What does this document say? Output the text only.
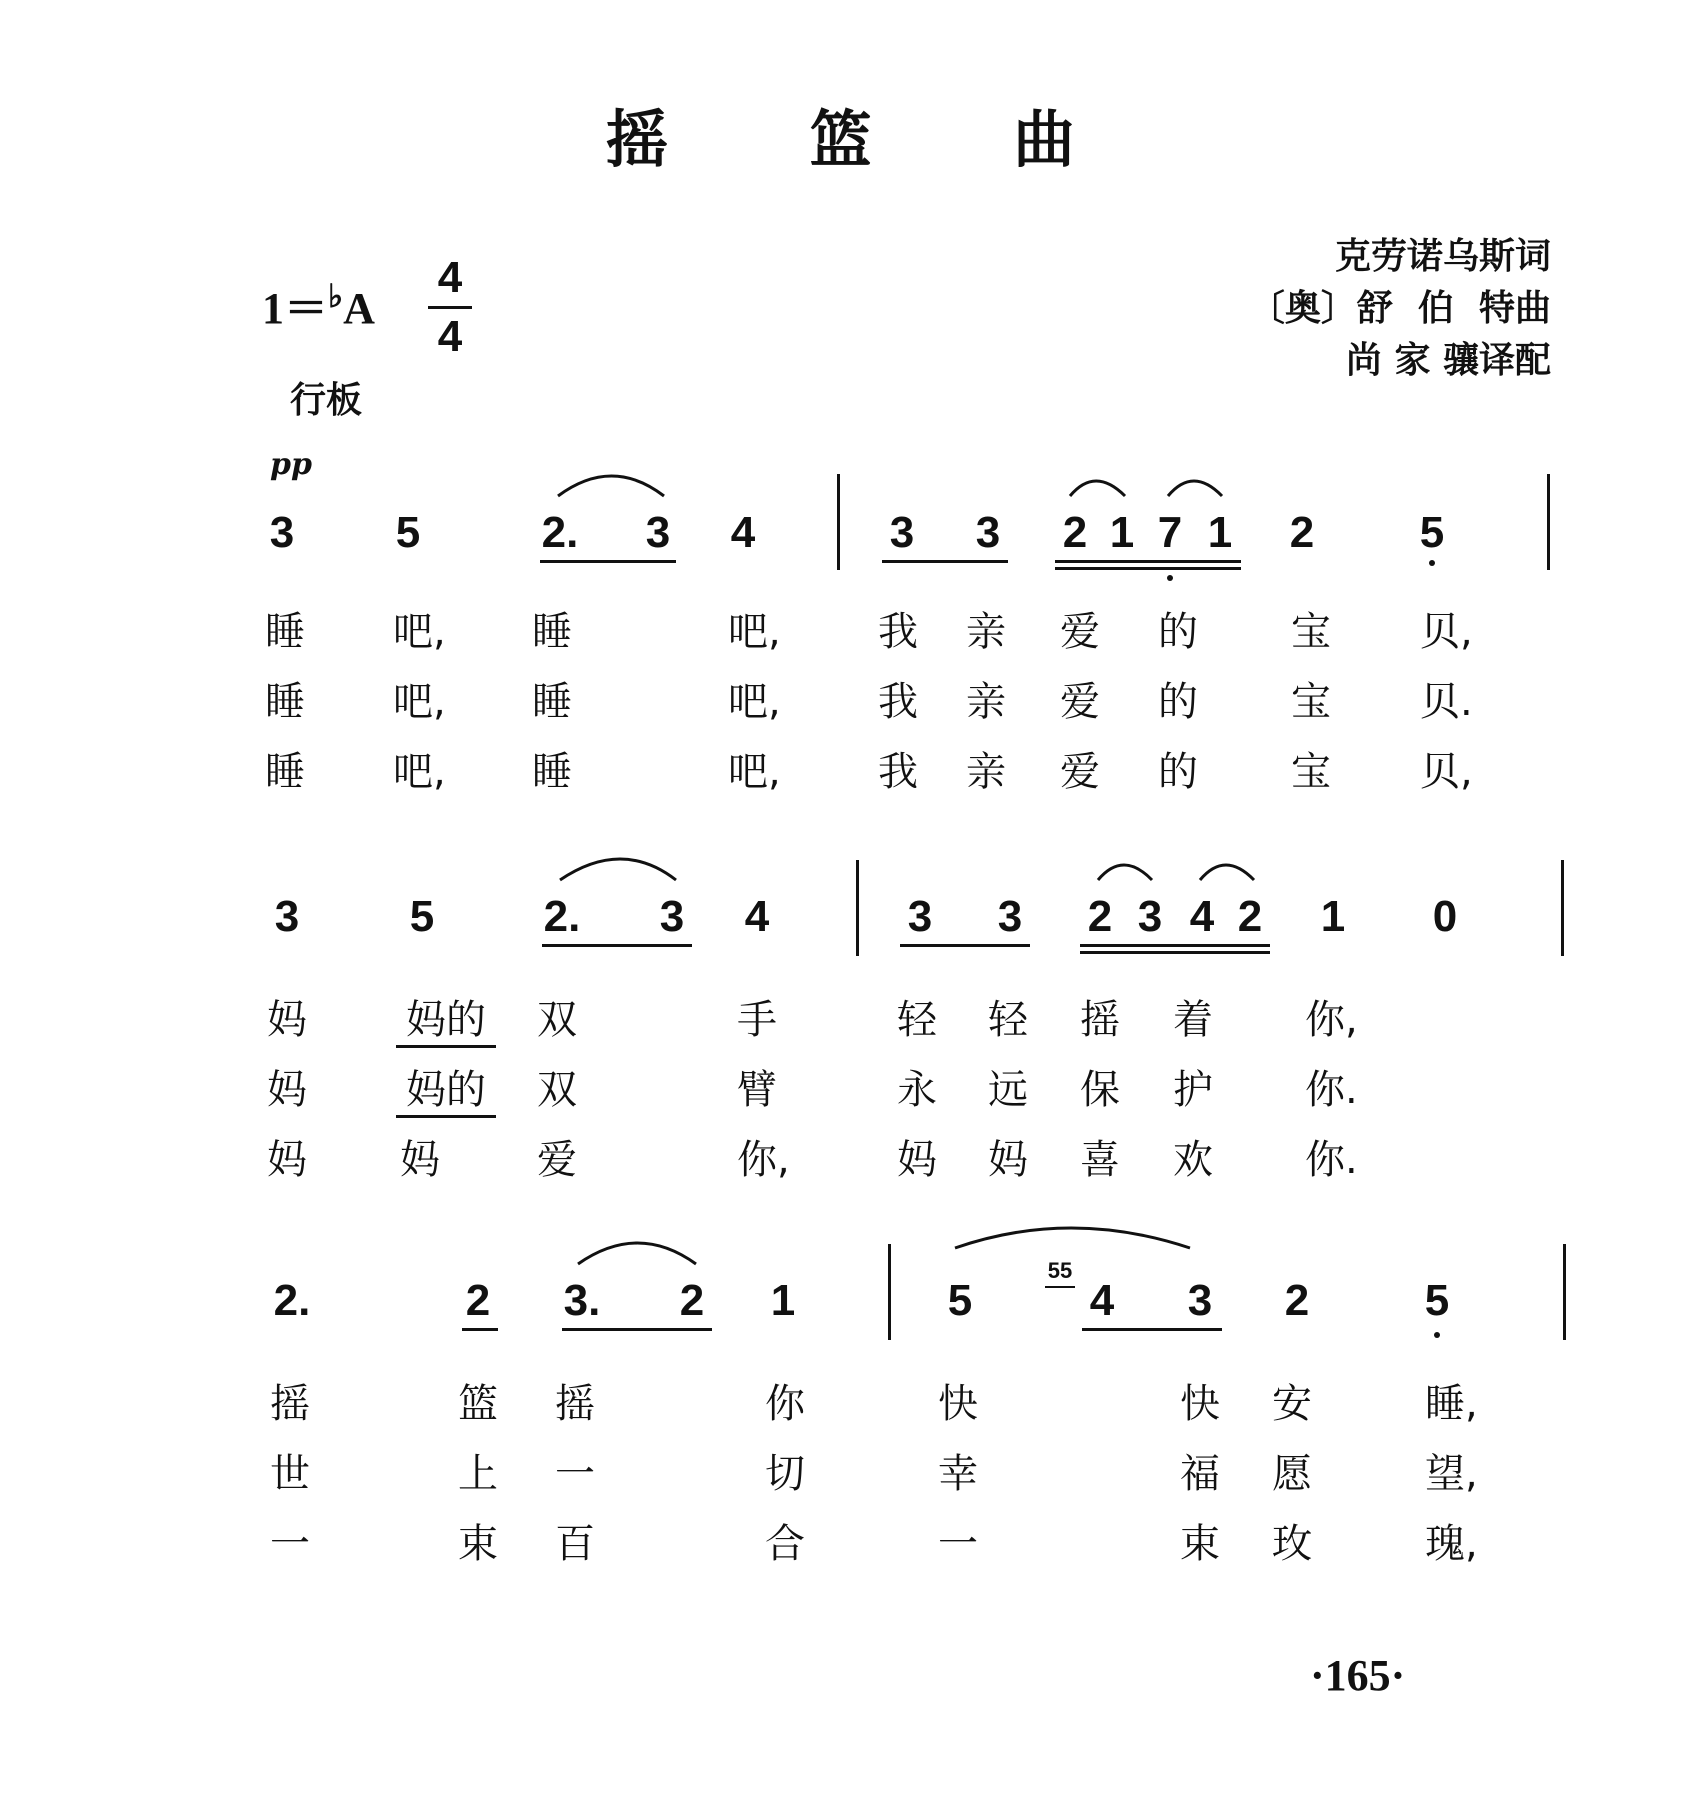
摇 篮 曲
克劳诺乌斯词
〔奥〕舒  伯  特曲
尚 家 骧译配
1＝♭A
4
4
行板
pp
3 5	2. 3 4	3 3 2 1 7 1 2 5
睡 吧, 睡	吧, 我 亲 爱 的 宝 贝,
睡 吧, 睡	吧, 我 亲 爱 的 宝 贝.
睡 吧, 睡	吧, 我 亲 爱 的 宝 贝,
3	5 2. 3 4	3 3 2 3 4 2 1 0
妈 妈的 双	手	轻 轻 摇 着 你,
妈 妈的 双	臂	永 远 保 护 你.
妈 妈 爱	你,	妈 妈 喜 欢 你.
2.	2 3. 2 1	5
55
4 3 2	5
摇	篮 摇	你	快	快 安	睡,
世	上 一	切	幸	福 愿	望,
一	束 百	合	一	束 玫	瑰,
·165·
